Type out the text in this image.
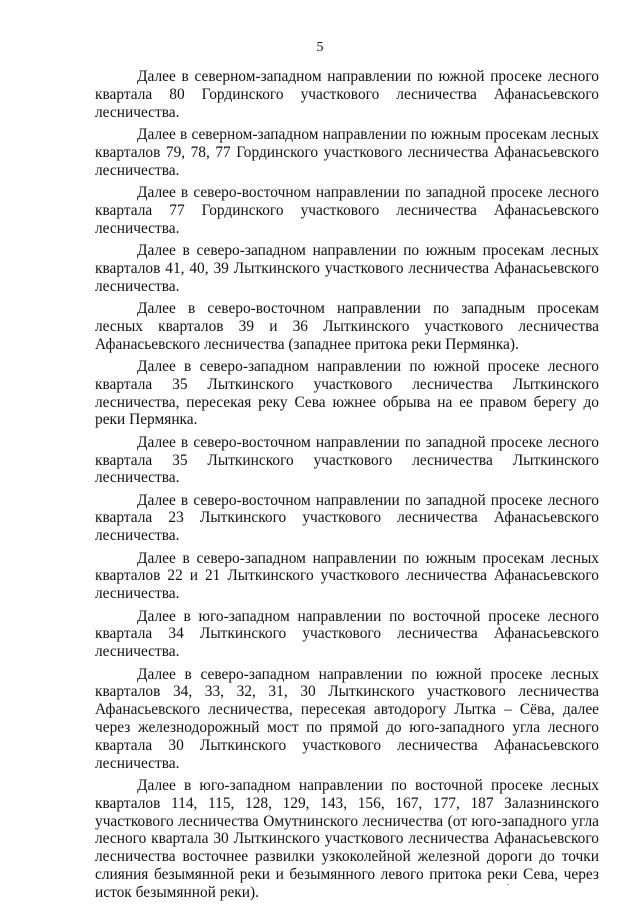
5

Далее в северном-западном направлении по южной просеке лесного квартала 80 Гординского участкового лесничества Афанасьевского лесничества.

Далее в северном-западном направлении по южным просекам лесных кварталов 79, 78, 77 Гординского участкового лесничества Афанасьевского лесничества.

Далее в северо-восточном направлении по западной просеке лесного квартала 77 Гординского участкового лесничества Афанасьевского лесничества.

Далее в северо-западном направлении по южным просекам лесных кварталов 41, 40, 39 Лыткинского участкового лесничества Афанасьевского лесничества.

Далее в северо-восточном направлении по западным просекам лесных кварталов 39 и 36 Лыткинского участкового лесничества Афанасьевского лесничества (западнее притока реки Пермянка).

Далее в северо-западном направлении по южной просеке лесного квартала 35 Лыткинского участкового лесничества Лыткинского лесничества, пересекая реку Сева южнее обрыва на ее правом берегу до реки Пермянка.

Далее в северо-восточном направлении по западной просеке лесного квартала 35 Лыткинского участкового лесничества Лыткинского лесничества.

Далее в северо-восточном направлении по западной просеке лесного квартала 23 Лыткинского участкового лесничества Афанасьевского лесничества.

Далее в северо-западном направлении по южным просекам лесных кварталов 22 и 21 Лыткинского участкового лесничества Афанасьевского лесничества.

Далее в юго-западном направлении по восточной просеке лесного квартала 34 Лыткинского участкового лесничества Афанасьевского лесничества.

Далее в северо-западном направлении по южной просеке лесных кварталов 34, 33, 32, 31, 30 Лыткинского участкового лесничества Афанасьевского лесничества, пересекая автодорогу Лытка – Сёва, далее через железнодорожный мост по прямой до юго-западного угла лесного квартала 30 Лыткинского участкового лесничества Афанасьевского лесничества.

Далее в юго-западном направлении по восточной просеке лесных кварталов 114, 115, 128, 129, 143, 156, 167, 177, 187 Залазнинского участкового лесничества Омутнинского лесничества (от юго-западного угла лесного квартала 30 Лыткинского участкового лесничества Афанасьевского лесничества восточнее развилки узкоколейной железной дороги до точки слияния безымянной реки и безымянного левого притока реки Сева, через исток безымянной реки).
